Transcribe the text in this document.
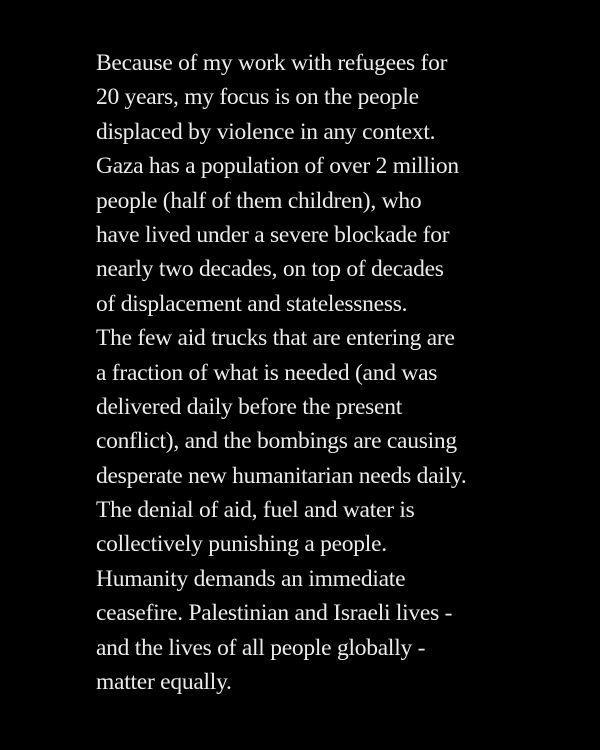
Because of my work with refugees for
20 years, my focus is on the people
displaced by violence in any context.
Gaza has a population of over 2 million
people (half of them children), who
have lived under a severe blockade for
nearly two decades, on top of decades
of displacement and statelessness.
The few aid trucks that are entering are
a fraction of what is needed (and was
delivered daily before the present
conflict), and the bombings are causing
desperate new humanitarian needs daily.
The denial of aid, fuel and water is
collectively punishing a people.
Humanity demands an immediate
ceasefire. Palestinian and Israeli lives -
and the lives of all people globally -
matter equally.
